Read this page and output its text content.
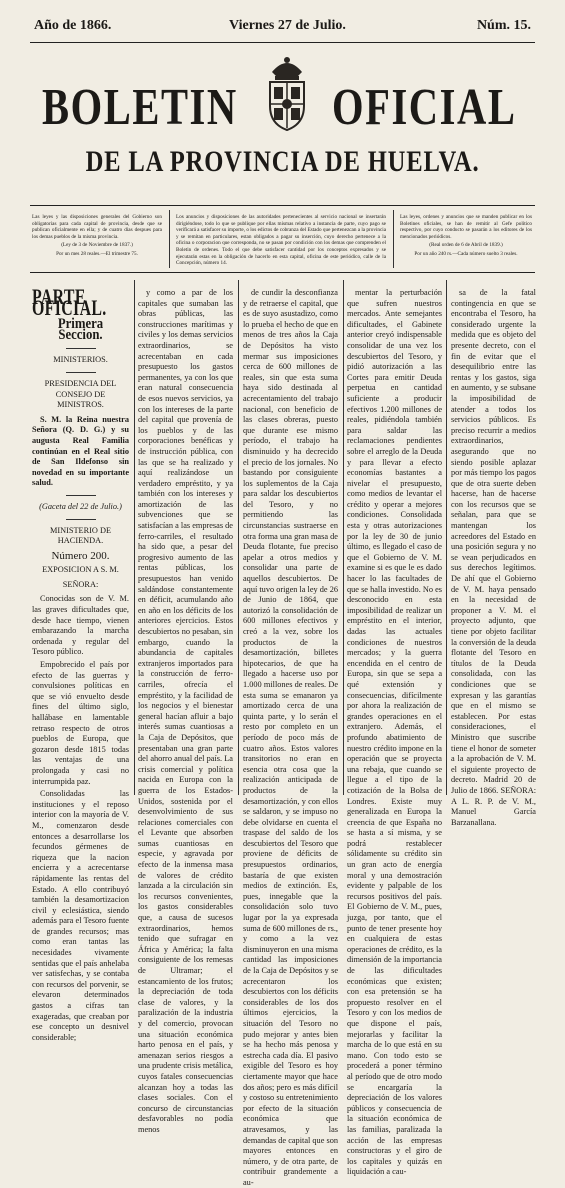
Año de 1866.	Viernes 27 de Julio.	Núm. 15.
BOLETIN OFICIAL
DE LA PROVINCIA DE HUELVA.
Las leyes y las disposiciones generales del Gobierno son obligatorias para cada capital de provincia, desde que se publican oficialmente en ella; y de cuatro dias despues para los demas pueblos de la misma provincia.
(Ley de 3 de Noviembre de 1837.)
Por un mes 28 reales.—El trimestre 75.
Los anuncios y disposiciones de las autoridades pertenecientes al servicio nacional se insertarán dirigiéndose, todo lo que se publique por ellas mismas relativo a instancia de parte, cuyo pago se verificará a satisfacer su importe, o los edictos de cobranza del Estado que pertenezcan a la provincia y se remitan en particulares, estan obligados a pagar su inserción, cuyo derecho pertenece a la oficina o corporacion que corresponda, no se pasan por condición con los demas que comprenden el Boletin de ordenes. Todo el que debe satisfacer cantidad por los conceptos expresados y se ejecutarán estas en la obligación de hacerlo en esta capital, oficina de este periódico, calle de la Concepción, número 14.
Las leyes, ordenes y anuncios que se manden publicar en los Boletines oficiales, se han de remitir al Gefe político respectivo, por cuyo conducto se pasarán a los editores de los mencionados periódicos.
(Real orden de 6 de Abril de 1839.)
Por un año 240 rs.—Cada número suelto 3 reales.
PARTE OFICIAL.
Primera Seccion.
MINISTERIOS.
PRESIDENCIA DEL CONSEJO DE MINISTROS.

S. M. la Reina nuestra Señora (Q. D. G.) y su augusta Real Familia continúan en el Real sitio de San Ildefonso sin novedad en su importante salud.

(Gaceta del 22 de Julio.)
MINISTERIO DE HACIENDA.
Número 200.
EXPOSICION A S. M.
SEÑORA:

Conocidas son de V. M. las graves dificultades que, desde hace tiempo, vienen embarazando la marcha ordenada y regular del Tesoro público.

Empobrecido el país por efecto de las guerras y convulsiones políticas en que se vió envuelto desde fines del último siglo, hallábase en lamentable retraso respecto de otros pueblos de Europa, que gozaron desde 1815 todas las ventajas de una prolongada y casi no interrumpida paz.

Consolidadas las instituciones y el reposo interior con la mayoría de V. M., comenzaron desde entonces a desarrollarse los fecundos gérmenes de riqueza que la nacion encierra y a acrecentarse rápidamente las rentas del Estado. A ello contribuyó también la desamortizacion civil y eclesiástica, siendo además para el Tesoro fuente de grandes recursos; mas como eran tantas las necesidades vivamente sentidas que el país anhelaba ver satisfechas, y se contaba con recursos del porvenir, se elevaron determinados gastos a cifras tan exageradas, que creaban por ese concepto un desnivel considerable;

y como a par de los capitales que sumaban las obras públicas, las construcciones marítimas y civiles y los demas servicios extraordinarios, se acrecentaban en cada presupuesto los gastos permanentes, ya con los que eran natural consecuencia de esos nuevos servicios, ya con los intereses de la parte del capital que provenía de los pueblos y de las corporaciones benéficas y de instrucción pública, con las que se ha realizado y aquí realizándose un verdadero empréstito, y ya también con los intereses y amortización de las subvenciones que se satisfacían a las empresas de ferro-carriles, el resultado ha sido que, a pesar del progresivo aumento de las rentas públicas, los presupuestos han venido saldándose constantemente en déficit, acumulando año en año en los déficits de los anteriores ejercicios. Estos descubiertos no pesaban, sin embargo, cuando la abundancia de capitales extranjeros importados para la construcción de ferro-carriles, ofrecía el empréstito, y la facilidad de los negocios y el bienestar general hacían afluir a bajo interés sumas cuantiosas a la Caja de Depósitos, que presentaban una gran parte del ahorro anual del país. La crisis comercial y política nacida en Europa con la guerra de los Estados-Unidos, sostenida por el desenvolvimiento de sus relaciones comerciales con el Levante que absorben sumas cuantiosas en especie, y agravada por efecto de la inmensa masa de valores de crédito lanzada a la circulación sin los recursos convenientes, los gastos considerables que, a causa de sucesos extraordinarios, hemos tenido que sufragar en África y América; la falta consiguiente de los remesas de Ultramar; el estancamiento de los frutos; la depreciación de toda clase de valores, y la paralización de la industria y del comercio, provocan una situación económica harto penosa en el país, y amenazan serios riesgos a una prudente crisis metálica, cuyos fatales consecuencias alcanzan hoy a todas las clases sociales. Con el concurso de circunstancias desfavorables no podía menos

de cundir la desconfianza y de retraerse el capital, que es de suyo asustadizo, como lo prueba el hecho de que en menos de tres años la Caja de Depósitos ha visto mermar sus imposiciones cerca de 600 millones de reales, sin que esta suma haya sido destinada al acrecentamiento del trabajo nacional, con beneficio de las clases obreras, puesto que durante ese mismo período, el trabajo ha disminuido y ha decrecido el precio de los jornales. No bastando por consiguiente los suplementos de la Caja para saldar los descubiertos del Tesoro, y no permitiendo las circunstancias sustraerse en otra forma una gran masa de Deuda flotante, fue preciso apelar a otros medios y consolidar una parte de aquellos descubiertos. De aquí tuvo origen la ley de 26 de Junio de 1864, que autorizó la consolidación de 600 millones efectivos y creó a la vez, sobre los productos de la desamortización, billetes hipotecarios, de que ha llegado a hacerse uso por 1.000 millones de reales. De esta suma se emanaron ya amortizado cerca de una quinta parte, y lo serán el resto por completo en un período de poco más de cuatro años. Estos valores transitorios no eran en esencia otra cosa que la realización anticipada de productos de la desamortización, y con ellos se saldaron, y se impuso no debe olvidarse en cuenta el traspase del saldo de los descubiertos del Tesoro que proviene de déficits de presupuestos ordinarios, bastaría de que existen medios de extinción. Es, pues, innegable que la consolidación solo tuvo lugar por la ya expresada suma de 600 millones de rs., y como a la vez disminuyeron en una misma cantidad las imposiciones de la Caja de Depósitos y se acrecentaron los descubiertos con los déficits considerables de los dos últimos ejercicios, la situación del Tesoro no pudo mejorar y antes bien se ha hecho más penosa y estrecha cada día. El pasivo exigible del Tesoro es hoy ciertamente mayor que hace dos años; pero es más difícil y costoso su entretenimiento por efecto de la situación económica que atravesamos, y las demandas de capital que son mayores entonces en número, y de otra parte, de contribuir grandemente a au-

mentar la perturbación que sufren nuestros mercados. Ante semejantes dificultades, el Gabinete anterior creyó indispensable consolidar de una vez los descubiertos del Tesoro, y pidió autorización a las Cortes para emitir Deuda perpetua en cantidad suficiente a producir efectivos 1.200 millones de reales, pidiéndola también para saldar las reclamaciones pendientes sobre el arreglo de la Deuda y para llevar a efecto economías bastantes a nivelar el presupuesto, como medios de levantar el crédito y operar a mejores condiciones. Consolidada esta y otras autorizaciones por la ley de 30 de junio último, es llegado el caso de que el Gobierno de V. M. examine si es que le es dado hacer lo las facultades de que se halla investido. No es desconocido en esta imposibilidad de realizar un empréstito en el interior, dadas las actuales condiciones de nuestros mercados; y la guerra encendida en el centro de Europa, sin que se sepa a qué extensión y consecuencias, difícilmente por ahora la realización de grandes operaciones en el extranjero. Además, el profundo abatimiento de nuestro crédito impone en la operación que se proyecta una rebaja, que cuando se llegue a el tipo de la cotización de la Bolsa de Londres. Existe muy generalizada en Europa la creencia de que España no se hasta a sí misma, y se podrá restablecer sólidamente su crédito sin un gran acto de energía moral y una demostración evidente y palpable de los recursos positivos del país. El Gobierno de V. M., pues, juzga, por tanto, que el punto de tener presente hoy en cualquiera de estas operaciones de crédito, es la dimensión de la importancia de las dificultades económicas que existen; con esa pretensión se ha propuesto resolver en el Tesoro y con los medios de que dispone el país, mejorarlas y facilitar la marcha de lo que está en su mano. Con todo esto se procederá a poner término al período que de otro modo se encargaría la depreciación de los valores públicos y consecuencia de la situación económica de las familias, paralizada la acción de las empresas constructoras y el giro de los capitales y quizás en liquidación a cau-

sa de la fatal contingencia en que se encontraba el Tesoro, ha considerado urgente la medida que es objeto del presente decreto, con el fin de evitar que el desequilibrio entre las rentas y los gastos, siga en aumento, y se subsane la imposibilidad de atender a todos los servicios públicos. Es preciso recurrir a medios extraordinarios, asegurando que no siendo posible aplazar por más tiempo los pagos que de otra suerte deben hacerse, han de hacerse con los recursos que se señalan, para que se mantengan los acreedores del Estado en una posición segura y no se vean perjudicados en sus derechos legítimos. De ahí que el Gobierno de V. M. haya pensado en la necesidad de proponer a V. M. el proyecto adjunto, que tiene por objeto facilitar la conversión de la deuda flotante del Tesoro en títulos de la Deuda consolidada, con las condiciones que se expresan y las garantías que en el mismo se establecen. Por estas consideraciones, el Ministro que suscribe tiene el honor de someter a la aprobación de V. M. el siguiente proyecto de decreto. Madrid 20 de Julio de 1866. SEÑORA: A L. R. P. de V. M., Manuel García Barzanallana.
